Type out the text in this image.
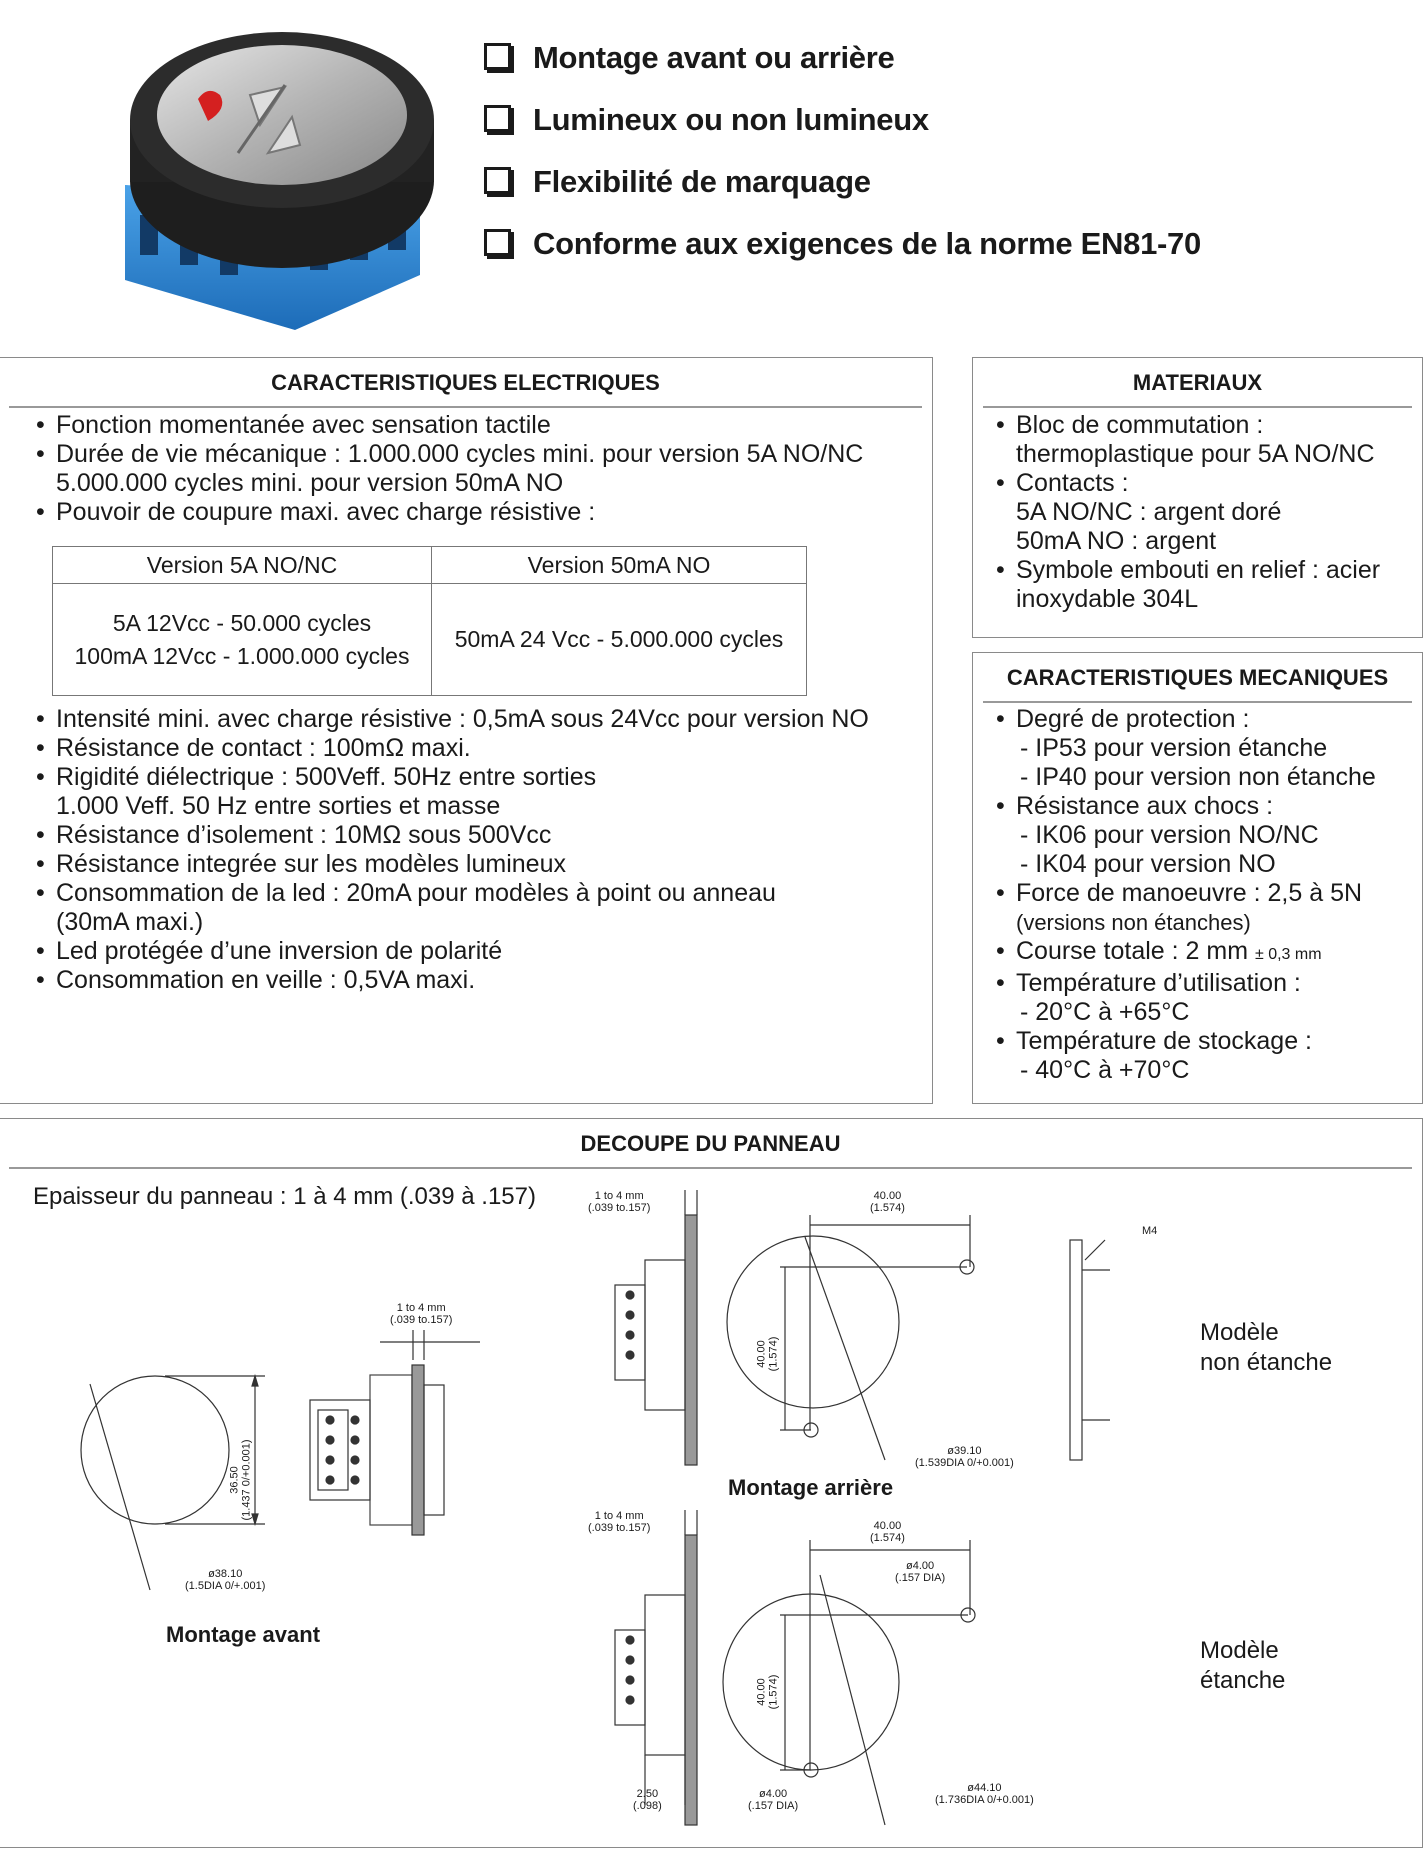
Montage avant ou arrière
Lumineux ou non lumineux
Flexibilité de marquage
Conforme aux exigences de la norme EN81-70
CARACTERISTIQUES ELECTRIQUES
• Fonction momentanée avec sensation tactile
• Durée de vie mécanique : 1.000.000 cycles mini. pour version 5A NO/NC
5.000.000 cycles mini. pour version 50mA NO
• Pouvoir de coupure maxi. avec charge résistive :
Version 5A NO/NC	Version 50mA NO

5A 12Vcc - 50.000 cycles
100mA 12Vcc - 1.000.000 cycles	50mA 24 Vcc - 5.000.000 cycles
• Intensité mini. avec charge résistive : 0,5mA sous 24Vcc pour version NO
• Résistance de contact : 100mΩ maxi.
• Rigidité diélectrique : 500Veff. 50Hz entre sorties
1.000 Veff. 50 Hz entre sorties et masse
• Résistance d’isolement : 10MΩ sous 500Vcc
• Résistance integrée sur les modèles lumineux
• Consommation de la led : 20mA pour modèles à point ou anneau
(30mA maxi.)
• Led protégée d’une inversion de polarité
• Consommation en veille : 0,5VA maxi.
MATERIAUX
• Bloc de commutation :
thermoplastique pour 5A NO/NC
• Contacts :
5A NO/NC : argent doré
50mA NO : argent
• Symbole embouti en relief : acier
inoxydable 304L
CARACTERISTIQUES MECANIQUES
• Degré de protection :
- IP53 pour version étanche
- IP40 pour version non étanche
• Résistance aux chocs :
- IK06 pour version NO/NC
- IK04 pour version NO
• Force de manoeuvre : 2,5 à 5N
(versions non étanches)
• Course totale : 2 mm ± 0,3 mm
• Température d’utilisation :
- 20°C à +65°C
• Température de stockage :
- 40°C à +70°C
DECOUPE DU PANNEAU
Epaisseur du panneau : 1 à 4 mm (.039 à .157)
1 to 4 mm
(.039 to.157)
36.50 (1.437 0/+0.001)
ø38.10
(1.5DIA 0/+.001)
Montage avant
1 to 4 mm
(.039 to.157)
40.00
(1.574)
40.00 (1.574)
M4
ø39.10
(1.539DIA 0/+0.001)
Montage arrière
Modèle
non étanche
1 to 4 mm
(.039 to.157)	40.00
(1.574)
ø4.00
(.157 DIA)
40.00 (1.574)
2.50
(.098)
ø4.00
(.157 DIA)
ø44.10
(1.736DIA 0/+0.001)
Modèle
étanche
